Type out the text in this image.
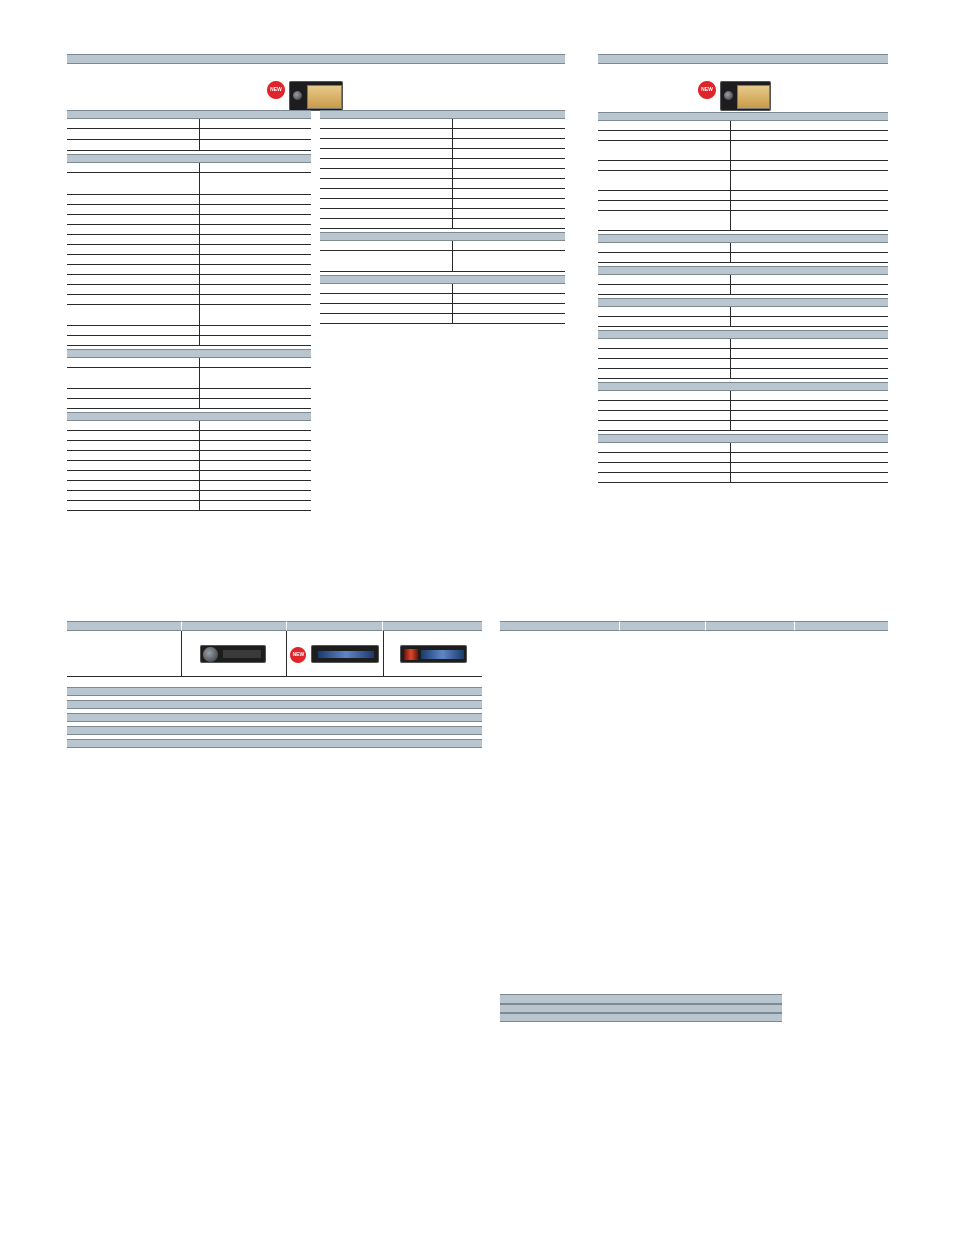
NEW	NEW
NEW
